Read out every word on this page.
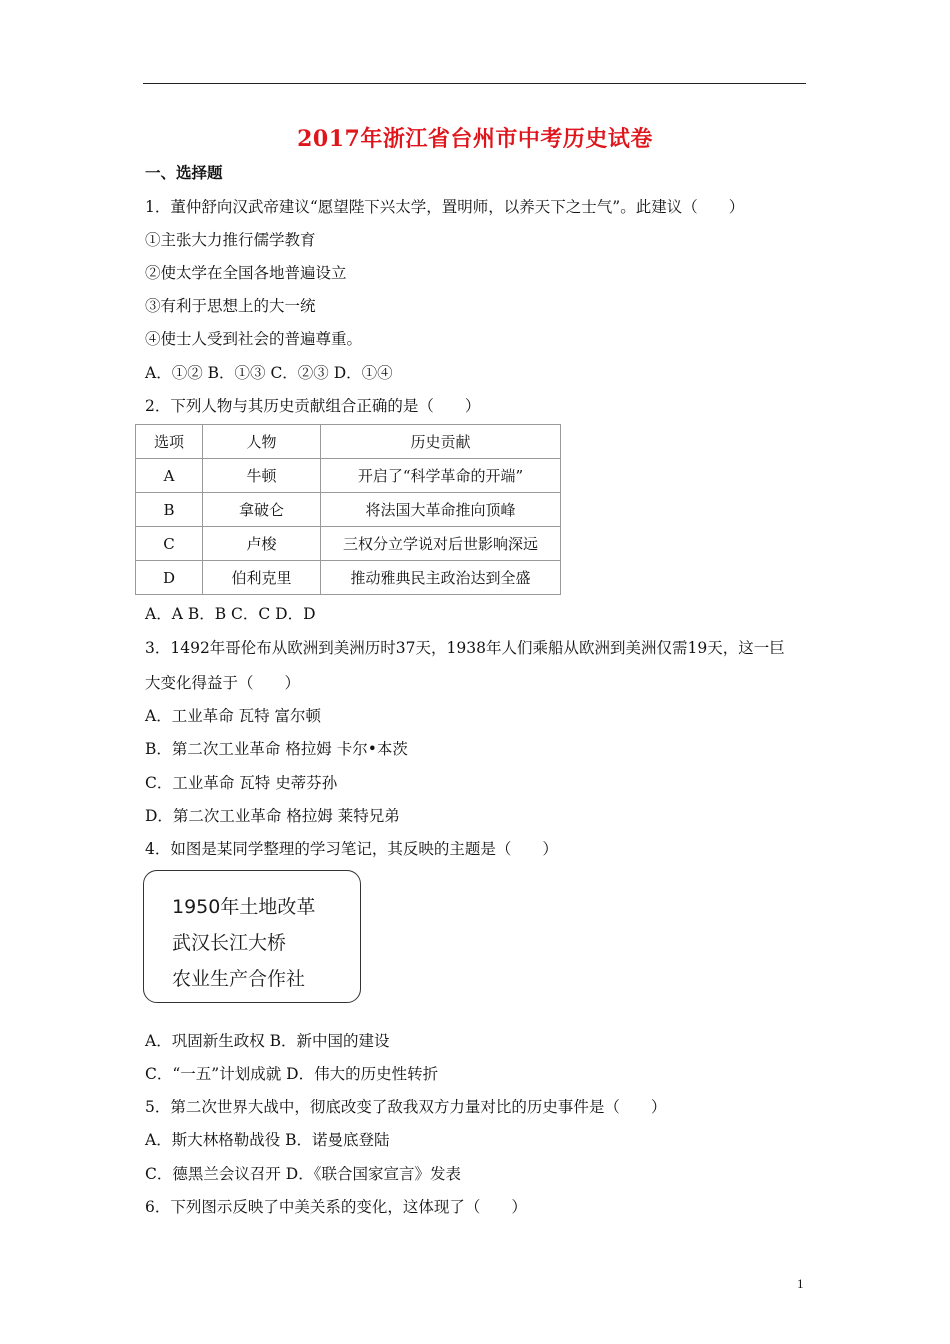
2017年浙江省台州市中考历史试卷
一、选择题
1．董仲舒向汉武帝建议“愿望陛下兴太学，置明师，以养天下之士气”。此建议（　　）
①主张大力推行儒学教育
②使太学在全国各地普遍设立
③有利于思想上的大一统
④使士人受到社会的普遍尊重。
A．①② B．①③ C．②③ D．①④
2．下列人物与其历史贡献组合正确的是（　　）
选项	人物	历史贡献
A	牛顿	开启了“科学革命的开端”
B	拿破仑	将法国大革命推向顶峰
C	卢梭	三权分立学说对后世影响深远
D	伯利克里	推动雅典民主政治达到全盛
A．A B．B C．C D．D
3．1492年哥伦布从欧洲到美洲历时37天，1938年人们乘船从欧洲到美洲仅需19天，这一巨
大变化得益于（　　）
A．工业革命 瓦特 富尔顿
B．第二次工业革命 格拉姆 卡尔•本茨
C．工业革命 瓦特 史蒂芬孙
D．第二次工业革命 格拉姆 莱特兄弟
4．如图是某同学整理的学习笔记，其反映的主题是（　　）
1950年土地改革
武汉长江大桥
农业生产合作社
A．巩固新生政权 B．新中国的建设
C．“一五”计划成就 D．伟大的历史性转折
5．第二次世界大战中，彻底改变了敌我双方力量对比的历史事件是（　　）
A．斯大林格勒战役 B．诺曼底登陆
C．德黑兰会议召开 D．《联合国家宣言》发表
6．下列图示反映了中美关系的变化，这体现了（　　）
1
